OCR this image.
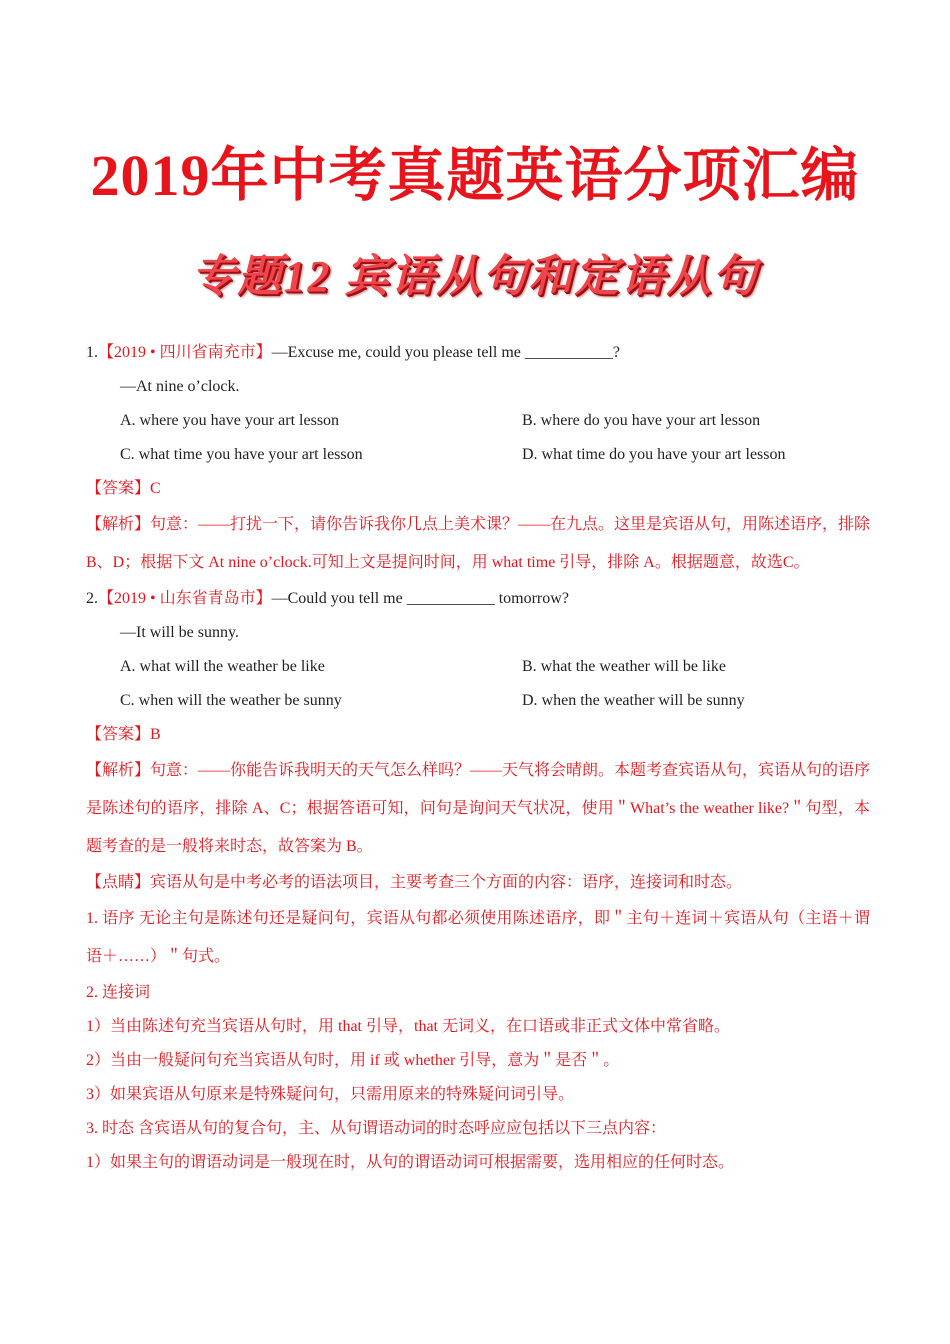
2019年中考真题英语分项汇编
专题12 宾语从句和定语从句
1.【2019 • 四川省南充市】—Excuse me, could you please tell me ___________?
—At nine o’clock.
A. where you have your art lesson	B. where do you have your art lesson
C. what time you have your art lesson	D. what time do you have your art lesson
【答案】C
【解析】句意：——打扰一下，请你告诉我你几点上美术课？——在九点。这里是宾语从句，用陈述语序，排除B、D；根据下文 At nine o’clock.可知上文是提问时间，用 what time 引导，排除 A。根据题意，故选C。
2.【2019 • 山东省青岛市】—Could you tell me ___________ tomorrow?
—It will be sunny.
A. what will the weather be like	B. what the weather will be like
C. when will the weather be sunny	D. when the weather will be sunny
【答案】B
【解析】句意：——你能告诉我明天的天气怎么样吗？——天气将会晴朗。本题考查宾语从句，宾语从句的语序是陈述句的语序，排除 A、C；根据答语可知，问句是询问天气状况，使用＂What’s the weather like?＂句型，本题考查的是一般将来时态，故答案为 B。
【点睛】宾语从句是中考必考的语法项目，主要考查三个方面的内容：语序，连接词和时态。
1. 语序 无论主句是陈述句还是疑问句，宾语从句都必须使用陈述语序，即＂主句＋连词＋宾语从句（主语＋谓语＋……）＂句式。
2. 连接词
1）当由陈述句充当宾语从句时，用 that 引导，that 无词义，在口语或非正式文体中常省略。
2）当由一般疑问句充当宾语从句时，用 if 或 whether 引导，意为＂是否＂。
3）如果宾语从句原来是特殊疑问句，只需用原来的特殊疑问词引导。
3. 时态 含宾语从句的复合句，主、从句谓语动词的时态呼应应包括以下三点内容：
1）如果主句的谓语动词是一般现在时，从句的谓语动词可根据需要，选用相应的任何时态。
